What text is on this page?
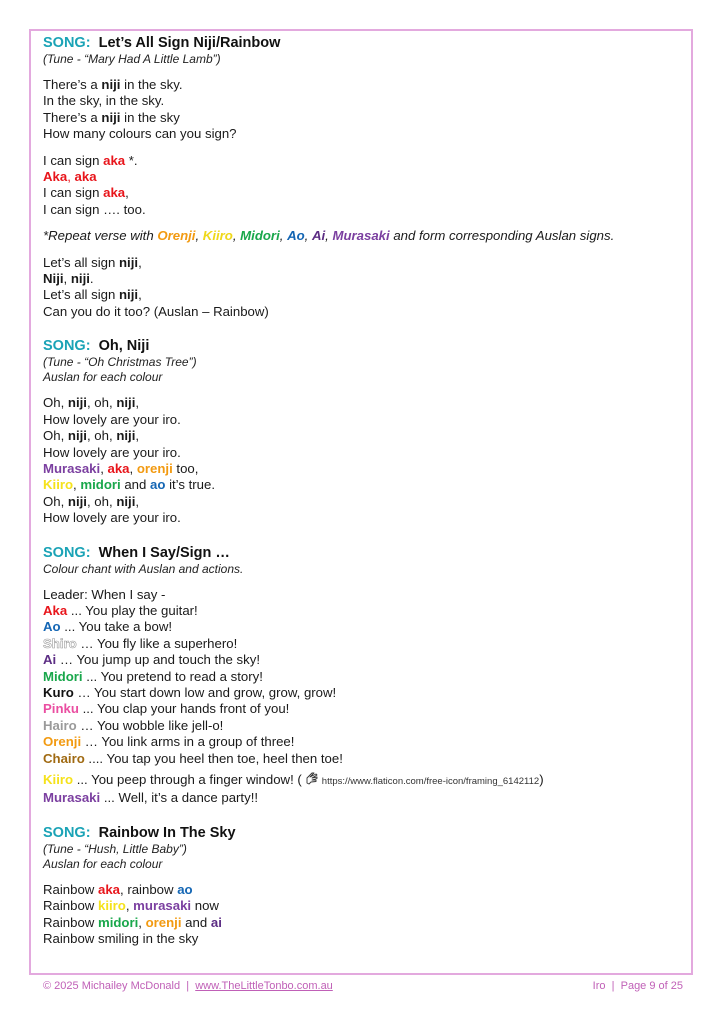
SONG: Let’s All Sign Niji/Rainbow
(Tune - “Mary Had A Little Lamb”)
There’s a niji in the sky.
In the sky, in the sky.
There’s a niji in the sky
How many colours can you sign?
I can sign aka *.
Aka, aka
I can sign aka,
I can sign …. too.
*Repeat verse with Orenji, Kiiro, Midori, Ao, Ai, Murasaki and form corresponding Auslan signs.
Let’s all sign niji,
Niji, niji.
Let’s all sign niji,
Can you do it too? (Auslan – Rainbow)
SONG: Oh, Niji
(Tune - “Oh Christmas Tree”)
Auslan for each colour
Oh, niji, oh, niji,
How lovely are your iro.
Oh, niji, oh, niji,
How lovely are your iro.
Murasaki, aka, orenji too,
Kiiro, midori and ao it’s true.
Oh, niji, oh, niji,
How lovely are your iro.
SONG: When I Say/Sign …
Colour chant with Auslan and actions.
Leader: When I say -
Aka ... You play the guitar!
Ao ... You take a bow!
Shiro … You fly like a superhero!
Ai … You jump up and touch the sky!
Midori ... You pretend to read a story!
Kuro … You start down low and grow, grow, grow!
Pinku ... You clap your hands front of you!
Hairo … You wobble like jell-o!
Orenji … You link arms in a group of three!
Chairo .... You tap you heel then toe, heel then toe!
Kiiro ... You peep through a finger window! ( https://www.flaticon.com/free-icon/framing_6142112)
Murasaki ... Well, it’s a dance party!!
SONG: Rainbow In The Sky
(Tune - “Hush, Little Baby”)
Auslan for each colour
Rainbow aka, rainbow ao
Rainbow kiiro, murasaki now
Rainbow midori, orenji and ai
Rainbow smiling in the sky
© 2025 Michailey McDonald | www.TheLittleTonbo.com.au	Iro | Page 9 of 25
